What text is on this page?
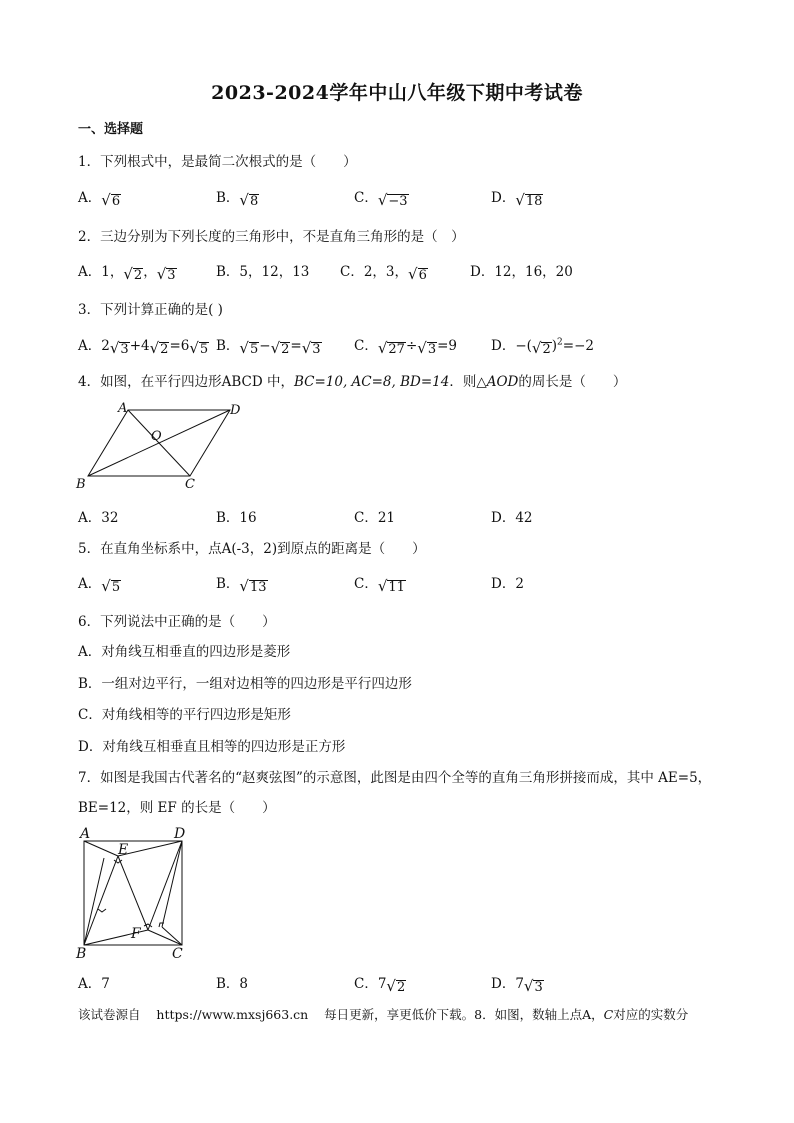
2023-2024学年中山八年级下期中考试卷
一、选择题
1．下列根式中，是最简二次根式的是（　　）
A． √ 6	B． √ 8	C． √ −3	D． √ 18
2．三边分别为下列长度的三角形中，不是直角三角形的是（　）
A．1， √ 2 ， √ 3	B．5，12，13 C．2，3， √ 6	D．12，16，20
3．下列计算正确的是( )
A．2 √ 3 +4 √ 2 =6 √ 5 B． √ 5 − √ 2 = √ 3 C． √ 27 ÷ √ 3 =9	D．−( √ 2 )$^2$=−2
4．如图，在平行四边形ABCD 中，BC=10, AC=8, BD=14．则△AOD的周长是（　　）
A	D
B	C
O
A．32	B．16	C．21	D．42
5．在直角坐标系中，点A(-3，2)到原点的距离是（　　）
A． √ 5	B． √ 13	C． √ 11	D．2
6．下列说法中正确的是（　　）
A．对角线互相垂直的四边形是菱形
B．一组对边平行，一组对边相等的四边形是平行四边形
C．对角线相等的平行四边形是矩形
D．对角线互相垂直且相等的四边形是正方形
7．如图是我国古代著名的“赵爽弦图”的示意图，此图是由四个全等的直角三角形拼接而成，其中 AE=5，
BE=12，则 EF 的长是（　　）
A	D
B	C
E
F
A．7	B．8	C．7 √ 2	D．7 √ 3
该试卷源自 https://www.mxsj663.cn 每日更新，享更低价下载。8．如图，数轴上点A，C对应的实数分
